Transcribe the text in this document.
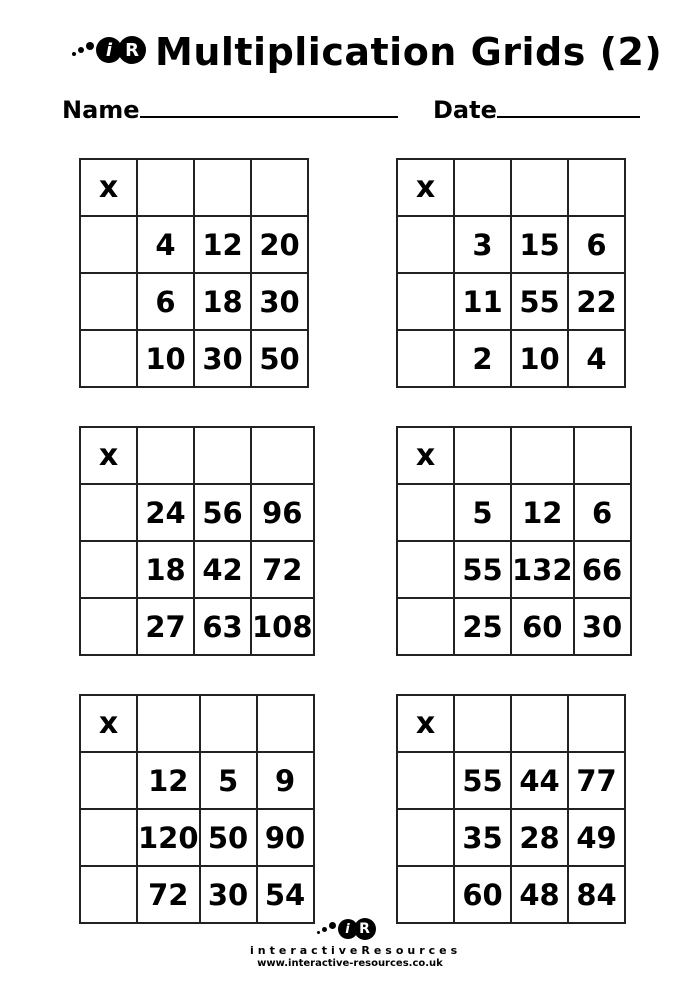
i R Multiplication Grids (2)
Name	Date
x			
	4	12	20
	6	18	30
	10	30	50
x			
	3	15	6
	11	55	22
	2	10	4
x			
	24	56	96
	18	42	72
	27	63	108
x			
	5	12	6
	55	132	66
	25	60	30
x			
	12	5	9
	120	50	90
	72	30	54
x			
	55	44	77
	35	28	49
	60	48	84
i R
interactiveResources
www.interactive-resources.co.uk
